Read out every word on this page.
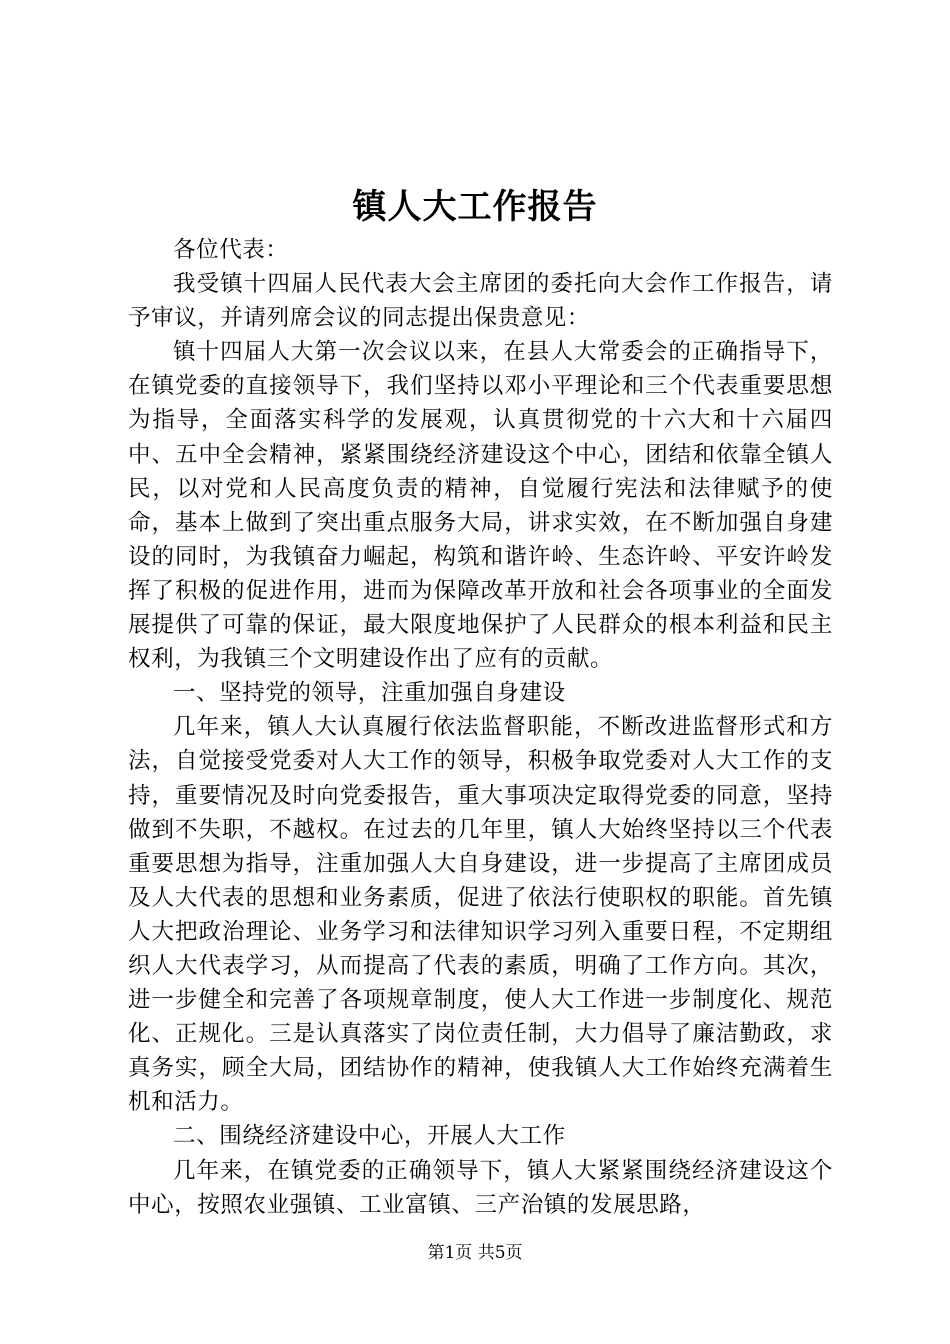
镇人大工作报告

各位代表：

我受镇十四届人民代表大会主席团的委托向大会作工作报告，请予审议，并请列席会议的同志提出保贵意见：

镇十四届人大第一次会议以来，在县人大常委会的正确指导下，在镇党委的直接领导下，我们坚持以邓小平理论和三个代表重要思想为指导，全面落实科学的发展观，认真贯彻党的十六大和十六届四中、五中全会精神，紧紧围绕经济建设这个中心，团结和依靠全镇人民，以对党和人民高度负责的精神，自觉履行宪法和法律赋予的使命，基本上做到了突出重点服务大局，讲求实效，在不断加强自身建设的同时，为我镇奋力崛起，构筑和谐许岭、生态许岭、平安许岭发挥了积极的促进作用，进而为保障改革开放和社会各项事业的全面发展提供了可靠的保证，最大限度地保护了人民群众的根本利益和民主权利，为我镇三个文明建设作出了应有的贡献。

一、坚持党的领导，注重加强自身建设

几年来，镇人大认真履行依法监督职能，不断改进监督形式和方法，自觉接受党委对人大工作的领导，积极争取党委对人大工作的支持，重要情况及时向党委报告，重大事项决定取得党委的同意，坚持做到不失职，不越权。在过去的几年里，镇人大始终坚持以三个代表重要思想为指导，注重加强人大自身建设，进一步提高了主席团成员及人大代表的思想和业务素质，促进了依法行使职权的职能。首先镇人大把政治理论、业务学习和法律知识学习列入重要日程，不定期组织人大代表学习，从而提高了代表的素质，明确了工作方向。其次，进一步健全和完善了各项规章制度，使人大工作进一步制度化、规范化、正规化。三是认真落实了岗位责任制，大力倡导了廉洁勤政，求真务实，顾全大局，团结协作的精神，使我镇人大工作始终充满着生机和活力。

二、围绕经济建设中心，开展人大工作

几年来，在镇党委的正确领导下，镇人大紧紧围绕经济建设这个中心，按照农业强镇、工业富镇、三产治镇的发展思路，

第1页 共5页
